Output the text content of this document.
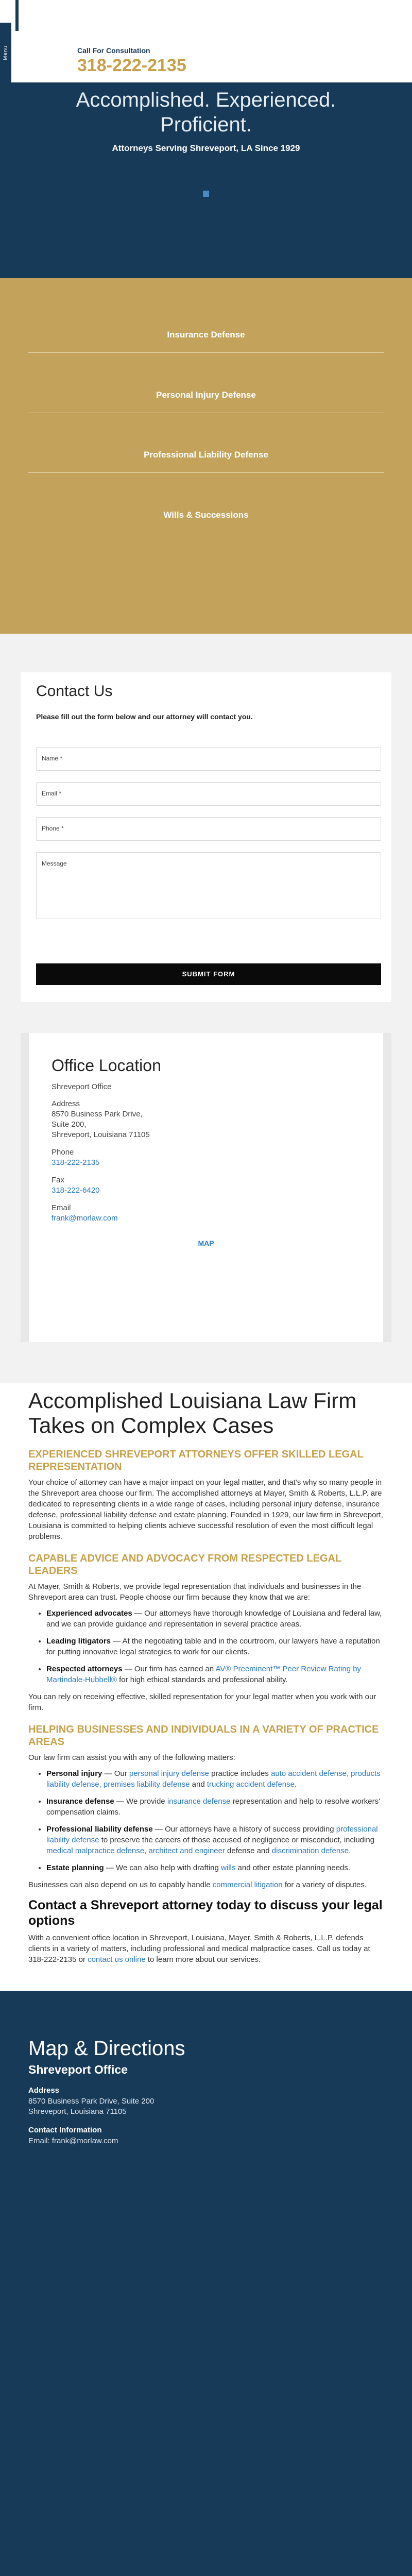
Menu	Call For Consultation
318-222-2135
Accomplished. Experienced.
Proficient.
Attorneys Serving Shreveport, LA Since 1929
Insurance Defense
Personal Injury Defense
Professional Liability Defense
Wills & Successions
Contact Us
Please fill out the form below and our attorney will contact you.
Name *
Email *
Phone *
Message
SUBMIT FORM
Office Location
Shreveport Office
Address
8570 Business Park Drive,
Suite 200,
Shreveport, Louisiana 71105
Phone
318-222-2135
Fax
318-222-6420
Email
frank@morlaw.com
MAP
Accomplished Louisiana Law Firm Takes on Complex Cases
EXPERIENCED SHREVEPORT ATTORNEYS OFFER SKILLED LEGAL REPRESENTATION

Your choice of attorney can have a major impact on your legal matter, and that's why so many people in the Shreveport area choose our firm. The accomplished attorneys at Mayer, Smith & Roberts, L.L.P. are dedicated to representing clients in a wide range of cases, including personal injury defense, insurance defense, professional liability defense and estate planning. Founded in 1929, our law firm in Shreveport, Louisiana is committed to helping clients achieve successful resolution of even the most difficult legal problems.

CAPABLE ADVICE AND ADVOCACY FROM RESPECTED LEGAL LEADERS

At Mayer, Smith & Roberts, we provide legal representation that individuals and businesses in the Shreveport area can trust. People choose our firm because they know that we are:

• Experienced advocates — Our attorneys have thorough knowledge of Louisiana and federal law, and we can provide guidance and representation in several practice areas.
• Leading litigators — At the negotiating table and in the courtroom, our lawyers have a reputation for putting innovative legal strategies to work for our clients.
• Respected attorneys — Our firm has earned an AV® Preeminent™ Peer Review Rating by Martindale-Hubbell® for high ethical standards and professional ability.

You can rely on receiving effective, skilled representation for your legal matter when you work with our firm.

HELPING BUSINESSES AND INDIVIDUALS IN A VARIETY OF PRACTICE AREAS

Our law firm can assist you with any of the following matters:

• Personal injury — Our personal injury defense practice includes auto accident defense, products liability defense, premises liability defense and trucking accident defense.
• Insurance defense — We provide insurance defense representation and help to resolve workers' compensation claims.
• Professional liability defense — Our attorneys have a history of success providing professional liability defense to preserve the careers of those accused of negligence or misconduct, including medical malpractice defense, architect and engineer defense and discrimination defense.
• Estate planning — We can also help with drafting wills and other estate planning needs.

Businesses can also depend on us to capably handle commercial litigation for a variety of disputes.

Contact a Shreveport attorney today to discuss your legal options

With a convenient office location in Shreveport, Louisiana, Mayer, Smith & Roberts, L.L.P. defends clients in a variety of matters, including professional and medical malpractice cases. Call us today at 318-222-2135 or contact us online to learn more about our services.

Map & Directions
Shreveport Office
Address
8570 Business Park Drive, Suite 200
Shreveport, Louisiana 71105
Contact Information
Email: frank@morlaw.com
